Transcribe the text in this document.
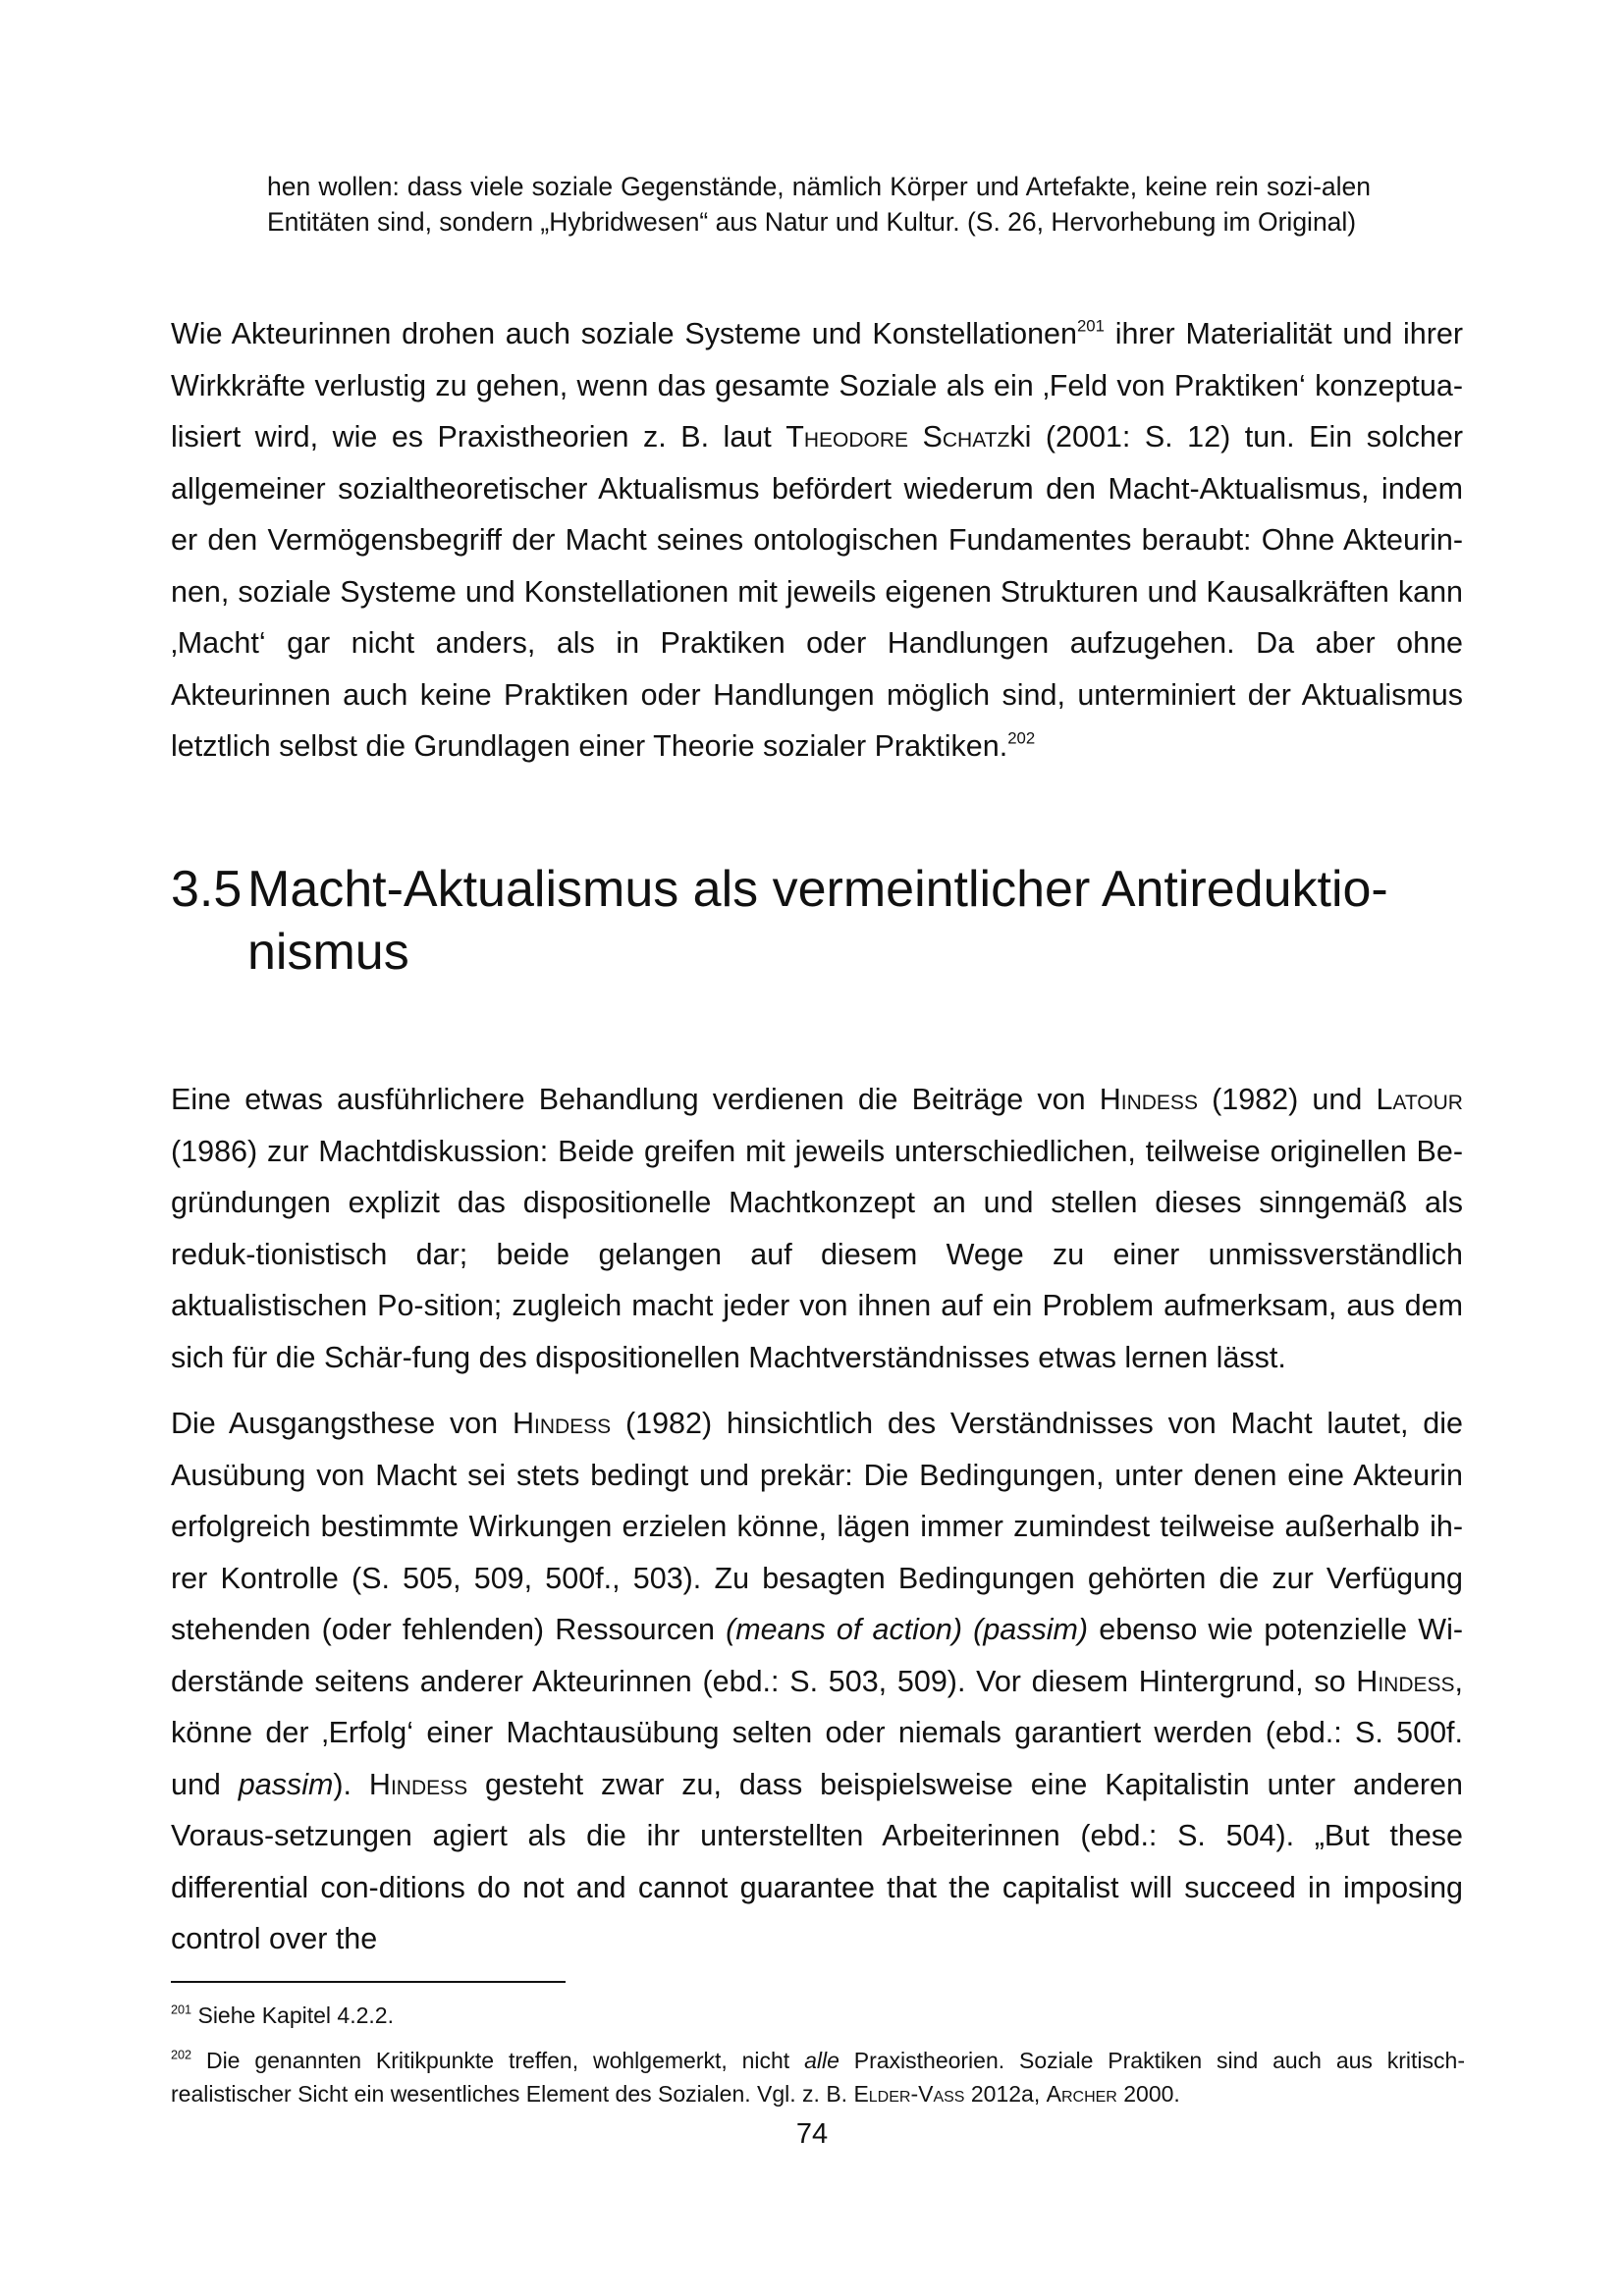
hen wollen: dass viele soziale Gegenstände, nämlich Körper und Artefakte, keine rein sozi-alen Entitäten sind, sondern „Hybridwesen“ aus Natur und Kultur. (S. 26, Hervorhebung im Original)
Wie Akteurinnen drohen auch soziale Systeme und Konstellationen$^{201}$ ihrer Materialität und ihrer Wirkkräfte verlustig zu gehen, wenn das gesamte Soziale als ein ‚Feld von Praktiken‘ konzeptua-lisiert wird, wie es Praxistheorien z. B. laut Theodore Schatzki (2001: S. 12) tun. Ein solcher allgemeiner sozialtheoretischer Aktualismus befördert wiederum den Macht-Aktualismus, indem er den Vermögensbegriff der Macht seines ontologischen Fundamentes beraubt: Ohne Akteurin-nen, soziale Systeme und Konstellationen mit jeweils eigenen Strukturen und Kausalkräften kann ‚Macht‘ gar nicht anders, als in Praktiken oder Handlungen aufzugehen. Da aber ohne Akteurinnen auch keine Praktiken oder Handlungen möglich sind, unterminiert der Aktualismus letztlich selbst die Grundlagen einer Theorie sozialer Praktiken.$^{202}$
3.5 Macht-Aktualismus als vermeintlicher Antireduktio-
nismus
Eine etwas ausführlichere Behandlung verdienen die Beiträge von Hindess (1982) und Latour (1986) zur Machtdiskussion: Beide greifen mit jeweils unterschiedlichen, teilweise originellen Be-gründungen explizit das dispositionelle Machtkonzept an und stellen dieses sinngemäß als reduk-tionistisch dar; beide gelangen auf diesem Wege zu einer unmissverständlich aktualistischen Po-sition; zugleich macht jeder von ihnen auf ein Problem aufmerksam, aus dem sich für die Schär-fung des dispositionellen Machtverständnisses etwas lernen lässt.
Die Ausgangsthese von Hindess (1982) hinsichtlich des Verständnisses von Macht lautet, die Ausübung von Macht sei stets bedingt und prekär: Die Bedingungen, unter denen eine Akteurin erfolgreich bestimmte Wirkungen erzielen könne, lägen immer zumindest teilweise außerhalb ih-rer Kontrolle (S. 505, 509, 500f., 503). Zu besagten Bedingungen gehörten die zur Verfügung stehenden (oder fehlenden) Ressourcen (means of action) (passim) ebenso wie potenzielle Wi-derstände seitens anderer Akteurinnen (ebd.: S. 503, 509). Vor diesem Hintergrund, so Hindess, könne der ‚Erfolg‘ einer Machtausübung selten oder niemals garantiert werden (ebd.: S. 500f. und passim). Hindess gesteht zwar zu, dass beispielsweise eine Kapitalistin unter anderen Voraus-setzungen agiert als die ihr unterstellten Arbeiterinnen (ebd.: S. 504). „But these differential con-ditions do not and cannot guarantee that the capitalist will succeed in imposing control over the
$^{201}$ Siehe Kapitel 4.2.2.
$^{202}$ Die genannten Kritikpunkte treffen, wohlgemerkt, nicht alle Praxistheorien. Soziale Praktiken sind auch aus kritisch-realistischer Sicht ein wesentliches Element des Sozialen. Vgl. z. B. Elder-Vass 2012a, Archer 2000.
74
